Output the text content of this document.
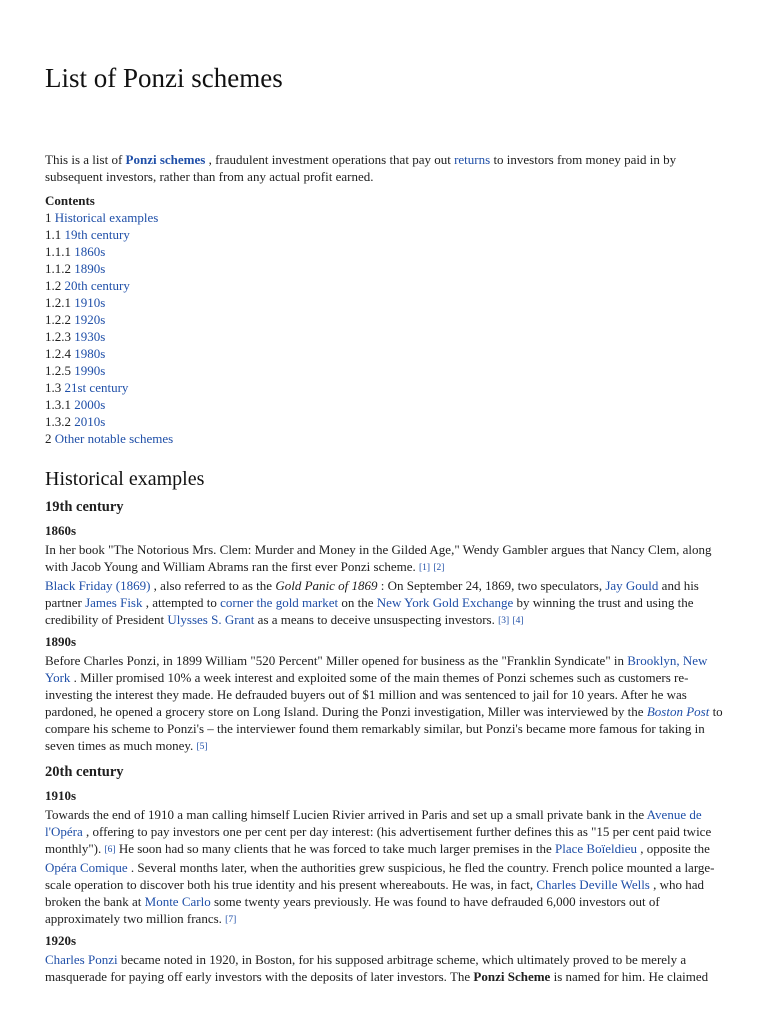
List of Ponzi schemes
This is a list of Ponzi schemes , fraudulent investment operations that pay out returns to investors from money paid in by subsequent investors, rather than from any actual profit earned.
Contents
1 Historical examples
1.1 19th century
1.1.1 1860s
1.1.2 1890s
1.2 20th century
1.2.1 1910s
1.2.2 1920s
1.2.3 1930s
1.2.4 1980s
1.2.5 1990s
1.3 21st century
1.3.1 2000s
1.3.2 2010s
2 Other notable schemes
Historical examples
19th century
1860s
In her book "The Notorious Mrs. Clem: Murder and Money in the Gilded Age," Wendy Gambler argues that Nancy Clem, along with Jacob Young and William Abrams ran the first ever Ponzi scheme. [1] [2]
Black Friday (1869) , also referred to as the Gold Panic of 1869 : On September 24, 1869, two speculators, Jay Gould and his partner James Fisk , attempted to corner the gold market on the New York Gold Exchange by winning the trust and using the credibility of President Ulysses S. Grant as a means to deceive unsuspecting investors. [3] [4]
1890s
Before Charles Ponzi, in 1899 William "520 Percent" Miller opened for business as the "Franklin Syndicate" in Brooklyn, New York . Miller promised 10% a week interest and exploited some of the main themes of Ponzi schemes such as customers re-investing the interest they made. He defrauded buyers out of $1 million and was sentenced to jail for 10 years. After he was pardoned, he opened a grocery store on Long Island. During the Ponzi investigation, Miller was interviewed by the Boston Post to compare his scheme to Ponzi's – the interviewer found them remarkably similar, but Ponzi's became more famous for taking in seven times as much money. [5]
20th century
1910s
Towards the end of 1910 a man calling himself Lucien Rivier arrived in Paris and set up a small private bank in the Avenue de l'Opéra , offering to pay investors one per cent per day interest: (his advertisement further defines this as "15 per cent paid twice monthly"). [6] He soon had so many clients that he was forced to take much larger premises in the Place Boïeldieu , opposite the Opéra Comique . Several months later, when the authorities grew suspicious, he fled the country. French police mounted a large-scale operation to discover both his true identity and his present whereabouts. He was, in fact, Charles Deville Wells , who had broken the bank at Monte Carlo some twenty years previously. He was found to have defrauded 6,000 investors out of approximately two million francs. [7]
1920s
Charles Ponzi became noted in 1920, in Boston, for his supposed arbitrage scheme, which ultimately proved to be merely a masquerade for paying off early investors with the deposits of later investors. The Ponzi Scheme is named for him. He claimed
